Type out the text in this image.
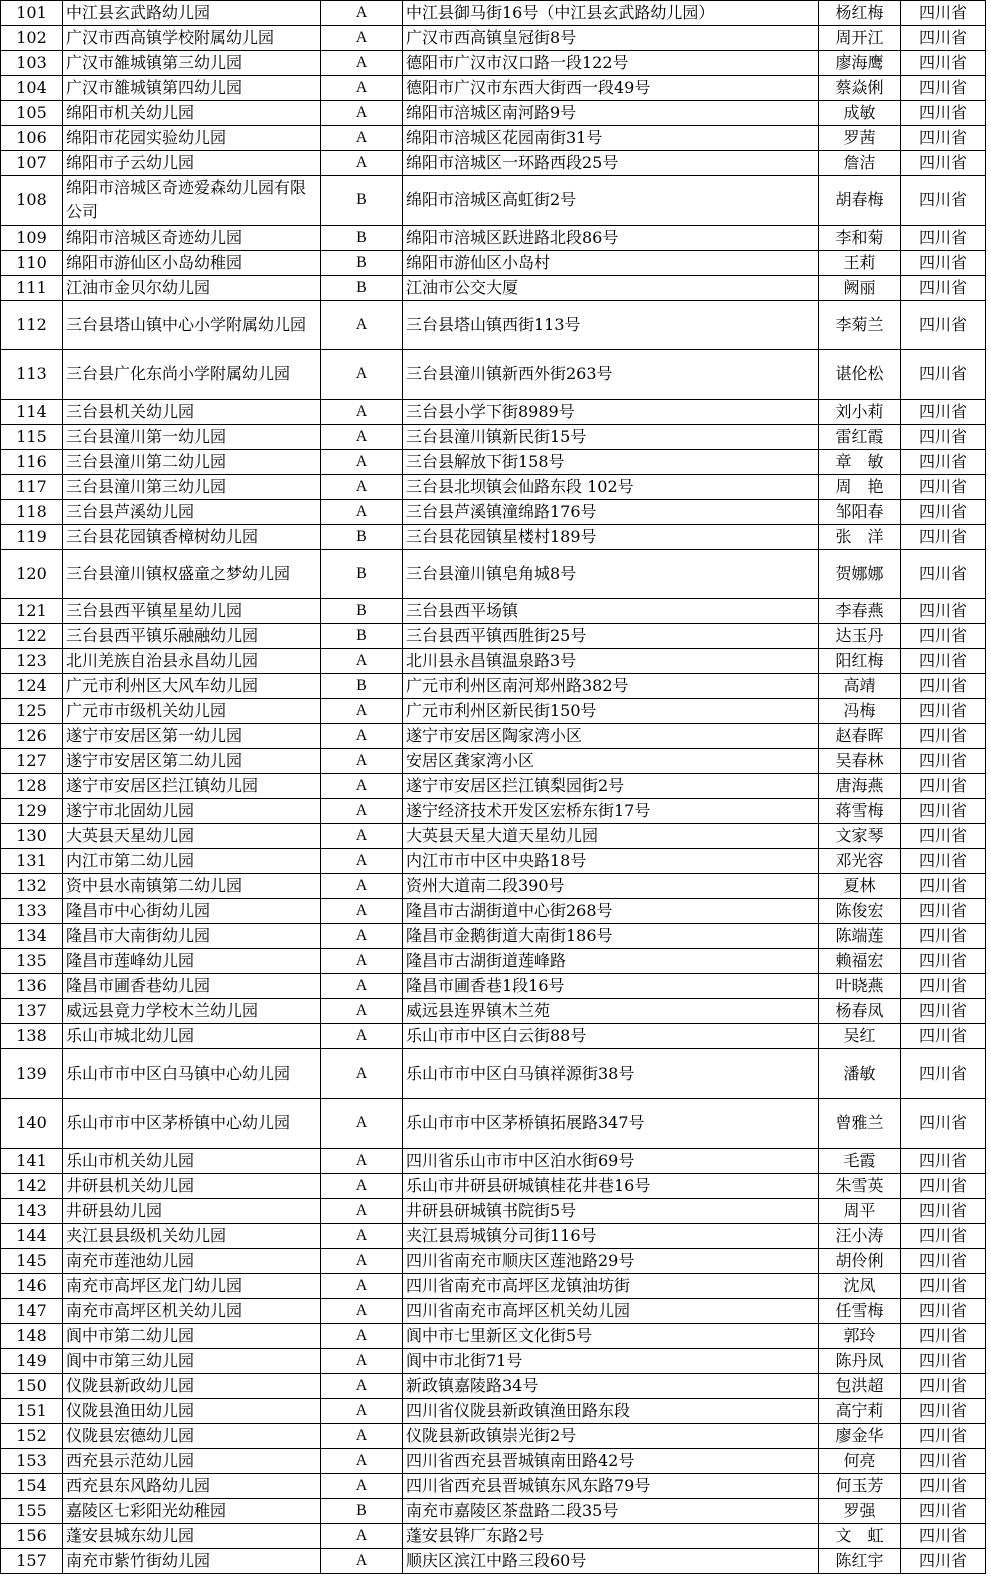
101	中江县玄武路幼儿园	A	中江县御马街16号（中江县玄武路幼儿园）	杨红梅	四川省
102	广汉市西高镇学校附属幼儿园	A	广汉市西高镇皇冠街8号	周开江	四川省
103	广汉市雒城镇第三幼儿园	A	德阳市广汉市汉口路一段122号	廖海鹰	四川省
104	广汉市雒城镇第四幼儿园	A	德阳市广汉市东西大街西一段49号	蔡焱俐	四川省
105	绵阳市机关幼儿园	A	绵阳市涪城区南河路9号	成敏	四川省
106	绵阳市花园实验幼儿园	A	绵阳市涪城区花园南街31号	罗茜	四川省
107	绵阳市子云幼儿园	A	绵阳市涪城区一环路西段25号	詹洁	四川省
108	绵阳市涪城区奇迹爱森幼儿园有限公司	B	绵阳市涪城区高虹街2号	胡春梅	四川省
109	绵阳市涪城区奇迹幼儿园	B	绵阳市涪城区跃进路北段86号	李和菊	四川省
110	绵阳市游仙区小岛幼稚园	B	绵阳市游仙区小岛村	王莉	四川省
111	江油市金贝尔幼儿园	B	江油市公交大厦	阙丽	四川省
112	三台县塔山镇中心小学附属幼儿园	A	三台县塔山镇西街113号	李菊兰	四川省
113	三台县广化东尚小学附属幼儿园	A	三台县潼川镇新西外街263号	谌伦松	四川省
114	三台县机关幼儿园	A	三台县小学下街8989号	刘小莉	四川省
115	三台县潼川第一幼儿园	A	三台县潼川镇新民街15号	雷红霞	四川省
116	三台县潼川第二幼儿园	A	三台县解放下街158号	章　敏	四川省
117	三台县潼川第三幼儿园	A	三台县北坝镇会仙路东段 102号	周　艳	四川省
118	三台县芦溪幼儿园	A	三台县芦溪镇潼绵路176号	邹阳春	四川省
119	三台县花园镇香樟树幼儿园	B	三台县花园镇星楼村189号	张　洋	四川省
120	三台县潼川镇权盛童之梦幼儿园	B	三台县潼川镇皂角城8号	贺娜娜	四川省
121	三台县西平镇星星幼儿园	B	三台县西平场镇	李春燕	四川省
122	三台县西平镇乐融融幼儿园	B	三台县西平镇西胜街25号	达玉丹	四川省
123	北川羌族自治县永昌幼儿园	A	北川县永昌镇温泉路3号	阳红梅	四川省
124	广元市利州区大风车幼儿园	B	广元市利州区南河郑州路382号	高靖	四川省
125	广元市市级机关幼儿园	A	广元市利州区新民街150号	冯梅	四川省
126	遂宁市安居区第一幼儿园	A	遂宁市安居区陶家湾小区	赵春晖	四川省
127	遂宁市安居区第二幼儿园	A	安居区龚家湾小区	吴春林	四川省
128	遂宁市安居区拦江镇幼儿园	A	遂宁市安居区拦江镇梨园街2号	唐海燕	四川省
129	遂宁市北固幼儿园	A	遂宁经济技术开发区宏桥东街17号	蒋雪梅	四川省
130	大英县天星幼儿园	A	大英县天星大道天星幼儿园	文家琴	四川省
131	内江市第二幼儿园	A	内江市市中区中央路18号	邓光容	四川省
132	资中县水南镇第二幼儿园	A	资州大道南二段390号	夏林	四川省
133	隆昌市中心街幼儿园	A	隆昌市古湖街道中心街268号	陈俊宏	四川省
134	隆昌市大南街幼儿园	A	隆昌市金鹅街道大南街186号	陈端莲	四川省
135	隆昌市莲峰幼儿园	A	隆昌市古湖街道莲峰路	赖福宏	四川省
136	隆昌市圃香巷幼儿园	A	隆昌市圃香巷1段16号	叶晓燕	四川省
137	威远县竟力学校木兰幼儿园	A	威远县连界镇木兰苑	杨春凤	四川省
138	乐山市城北幼儿园	A	乐山市市中区白云街88号	吴红	四川省
139	乐山市市中区白马镇中心幼儿园	A	乐山市市中区白马镇祥源街38号	潘敏	四川省
140	乐山市市中区茅桥镇中心幼儿园	A	乐山市市中区茅桥镇拓展路347号	曾雅兰	四川省
141	乐山市机关幼儿园	A	四川省乐山市市中区泊水街69号	毛霞	四川省
142	井研县机关幼儿园	A	乐山市井研县研城镇桂花井巷16号	朱雪英	四川省
143	井研县幼儿园	A	井研县研城镇书院街5号	周平	四川省
144	夹江县县级机关幼儿园	A	夹江县焉城镇分司街116号	汪小涛	四川省
145	南充市莲池幼儿园	A	四川省南充市顺庆区莲池路29号	胡伶俐	四川省
146	南充市高坪区龙门幼儿园	A	四川省南充市高坪区龙镇油坊街	沈凤	四川省
147	南充市高坪区机关幼儿园	A	四川省南充市高坪区机关幼儿园	任雪梅	四川省
148	阆中市第二幼儿园	A	阆中市七里新区文化街5号	郭玲	四川省
149	阆中市第三幼儿园	A	阆中市北街71号	陈丹凤	四川省
150	仪陇县新政幼儿园	A	新政镇嘉陵路34号	包洪超	四川省
151	仪陇县渔田幼儿园	A	四川省仪陇县新政镇渔田路东段	高宁莉	四川省
152	仪陇县宏德幼儿园	A	仪陇县新政镇崇光街2号	廖金华	四川省
153	西充县示范幼儿园	A	四川省西充县晋城镇南田路42号	何亮	四川省
154	西充县东风路幼儿园	A	四川省西充县晋城镇东风东路79号	何玉芳	四川省
155	嘉陵区七彩阳光幼稚园	B	南充市嘉陵区茶盘路二段35号	罗强	四川省
156	蓬安县城东幼儿园	A	蓬安县铧厂东路2号	文　虹	四川省
157	南充市紫竹街幼儿园	A	顺庆区滨江中路三段60号	陈红宇	四川省
